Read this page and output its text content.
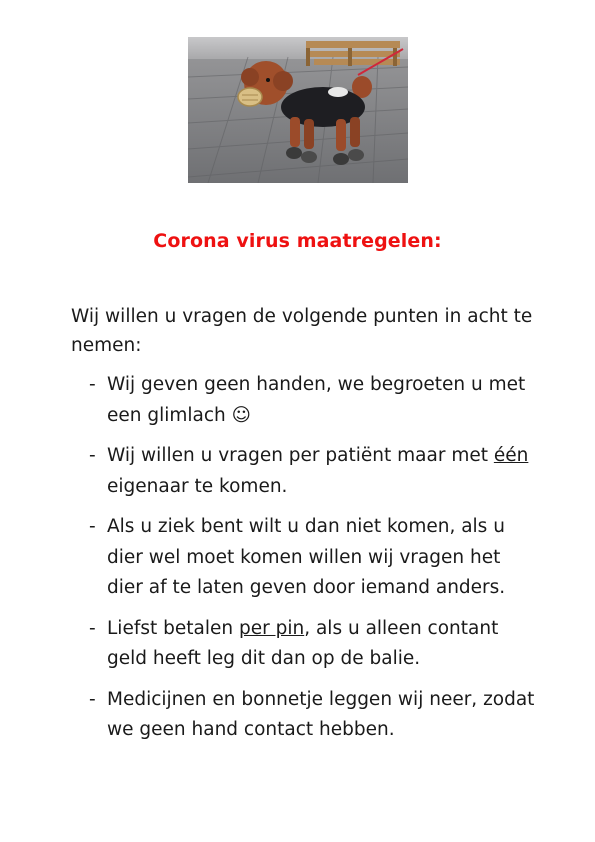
Corona virus maatregelen:

Wij willen u vragen de volgende punten in acht te nemen:

- Wij geven geen handen, we begroeten u met een glimlach ☺
- Wij willen u vragen per patiënt maar met één eigenaar te komen.
- Als u ziek bent wilt u dan niet komen, als u dier wel moet komen willen wij vragen het dier af te laten geven door iemand anders.
- Liefst betalen per pin, als u alleen contant geld heeft leg dit dan op de balie.
- Medicijnen en bonnetje leggen wij neer, zodat we geen hand contact hebben.
